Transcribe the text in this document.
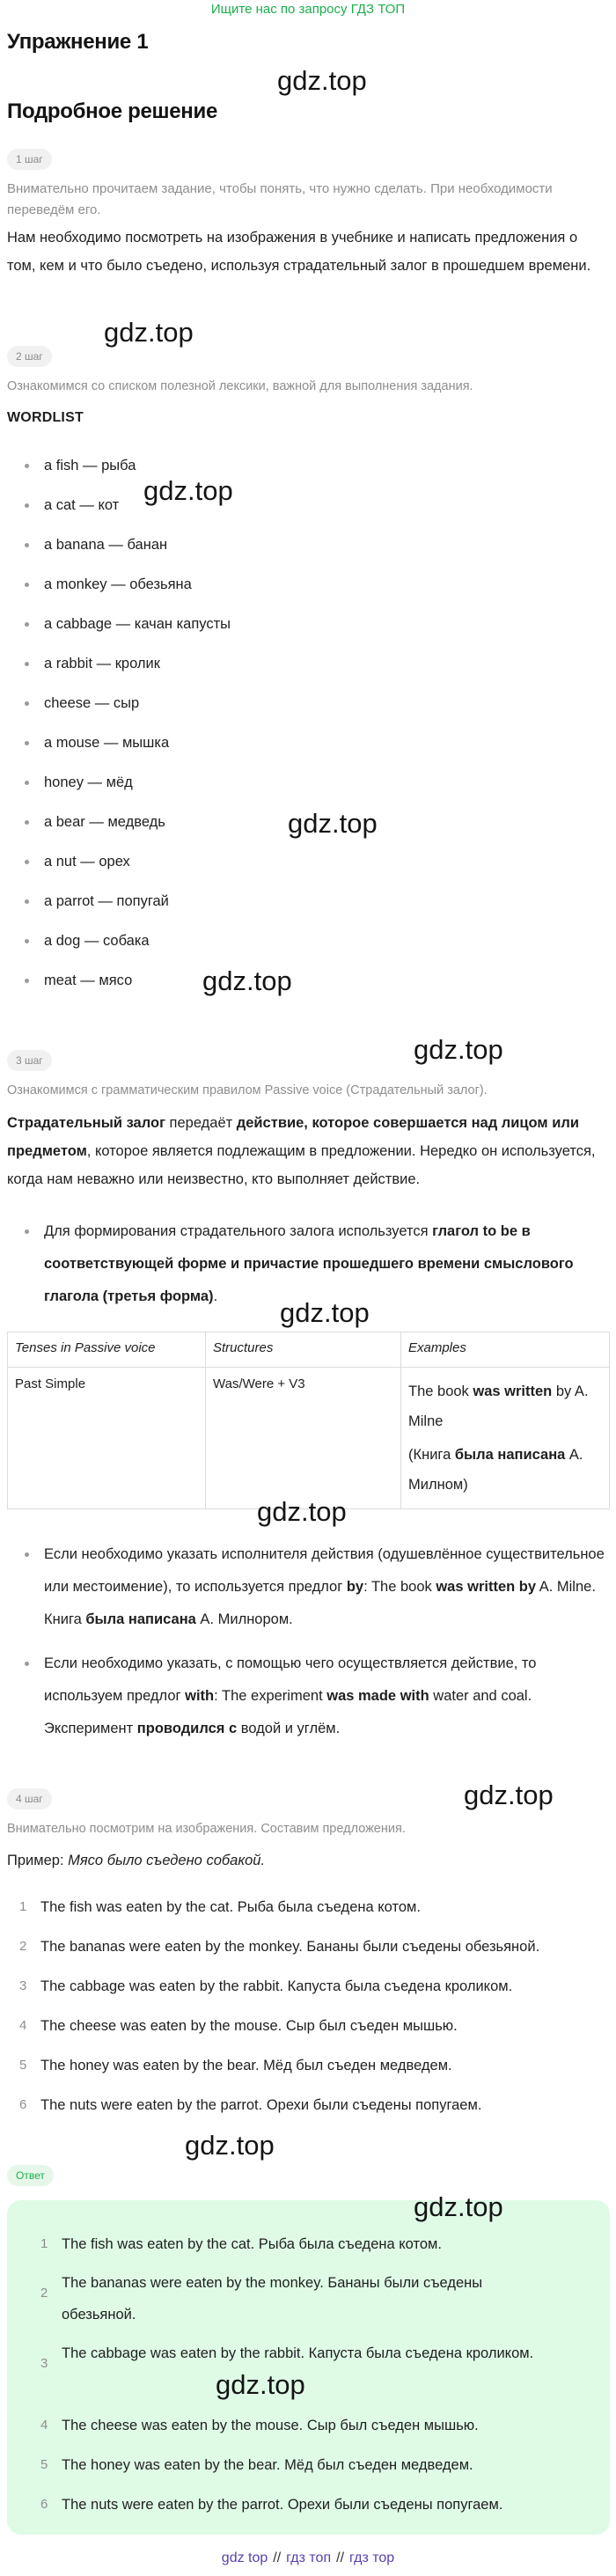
Ищите нас по запросу ГДЗ ТОП
Упражнение 1
gdz.top
Подробное решение
1 шаг
Внимательно прочитаем задание, чтобы понять, что нужно сделать. При необходимости переведём его.
Нам необходимо посмотреть на изображения в учебнике и написать предложения о том, кем и что было съедено, используя страдательный залог в прошедшем времени.
gdz.top
2 шаг
Ознакомимся со списком полезной лексики, важной для выполнения задания.
WORDLIST
a fish — рыба
a cat — кот
a banana — банан
a monkey — обезьяна
a cabbage — качан капусты
a rabbit — кролик
cheese — сыр
a mouse — мышка
honey — мёд
a bear — медведь
a nut — орех
a parrot — попугай
a dog — собака
meat — мясо
gdz.top
gdz.top
gdz.top
gdz.top
3 шаг
Ознакомимся с грамматическим правилом Passive voice (Страдательный залог).
Страдательный залог передаёт действие, которое совершается над лицом или предметом, которое является подлежащим в предложении. Нередко он используется, когда нам неважно или неизвестно, кто выполняет действие.
Для формирования страдательного залога используется глагол to be в соответствующей форме и причастие прошедшего времени смыслового глагола (третья форма).
gdz.top
Tenses in Passive voice	Structures	Examples
Past Simple	Was/Were + V3	The book was written by A. Milne
(Книга была написана А. Милном)
gdz.top
Если необходимо указать исполнителя действия (одушевлённое существительное или местоимение), то используется предлог by: The book was written by A. Milne. Книга была написана А. Милнором.
Если необходимо указать, с помощью чего осуществляется действие, то используем предлог with: The experiment was made with water and coal. Эксперимент проводился с водой и углём.
gdz.top
4 шаг
Внимательно посмотрим на изображения. Составим предложения.
Пример: Мясо было съедено собакой.
1 The fish was eaten by the cat. Рыба была съедена котом.
2 The bananas were eaten by the monkey. Бананы были съедены обезьяной.
3 The cabbage was eaten by the rabbit. Капуста была съедена кроликом.
4 The cheese was eaten by the mouse. Сыр был съеден мышью.
5 The honey was eaten by the bear. Мёд был съеден медведем.
6 The nuts were eaten by the parrot. Орехи были съедены попугаем.
gdz.top
Ответ
gdz.top
1 The fish was eaten by the cat. Рыба была съедена котом.
2
The bananas were eaten by the monkey. Бананы были съедены обезьяной.
3
The cabbage was eaten by the rabbit. Капуста была съедена кроликом.
4 The cheese was eaten by the mouse. Сыр был съеден мышью.
5 The honey was eaten by the bear. Мёд был съеден медведем.
6 The nuts were eaten by the parrot. Орехи были съедены попугаем.
gdz.top
gdz top // гдз топ // гдз тор
